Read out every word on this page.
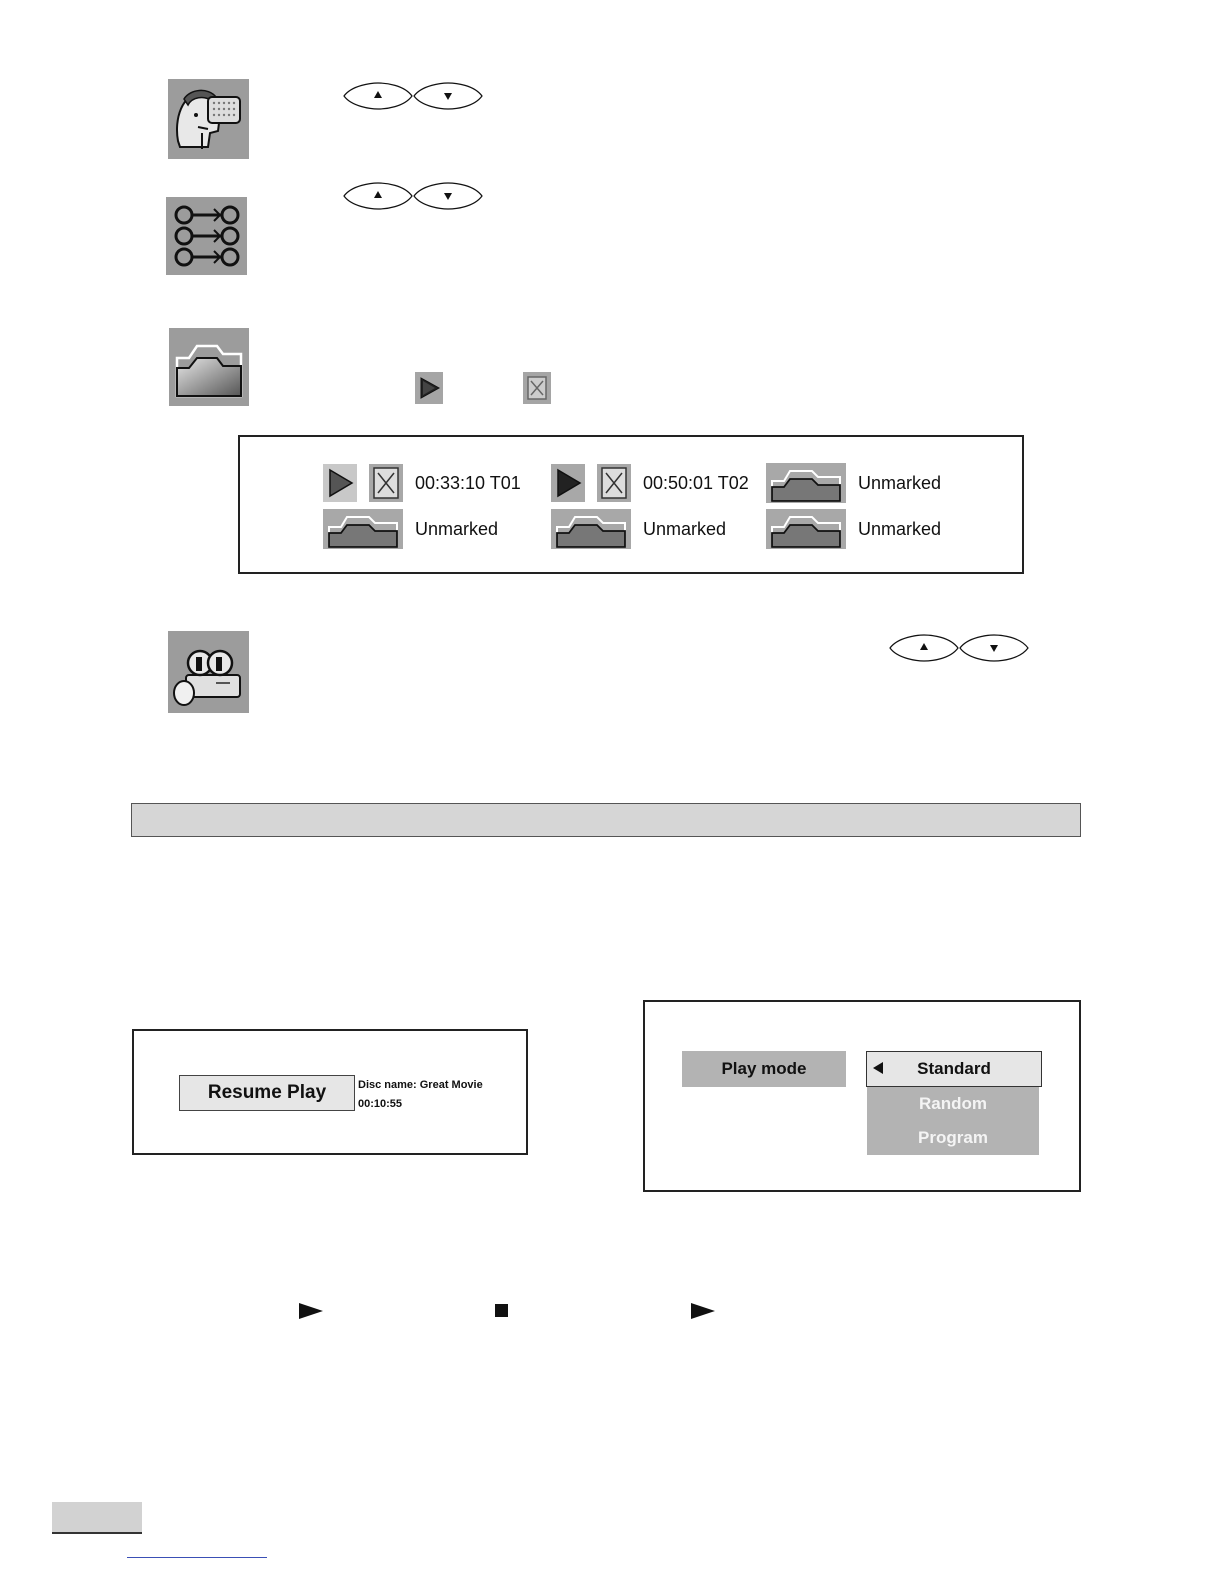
00:33:10 T01	00:50:01 T02	Unmarked
Unmarked	Unmarked	Unmarked
Resume Play	Disc name: Great Movie
00:10:55
Play mode	Standard
Random
Program
